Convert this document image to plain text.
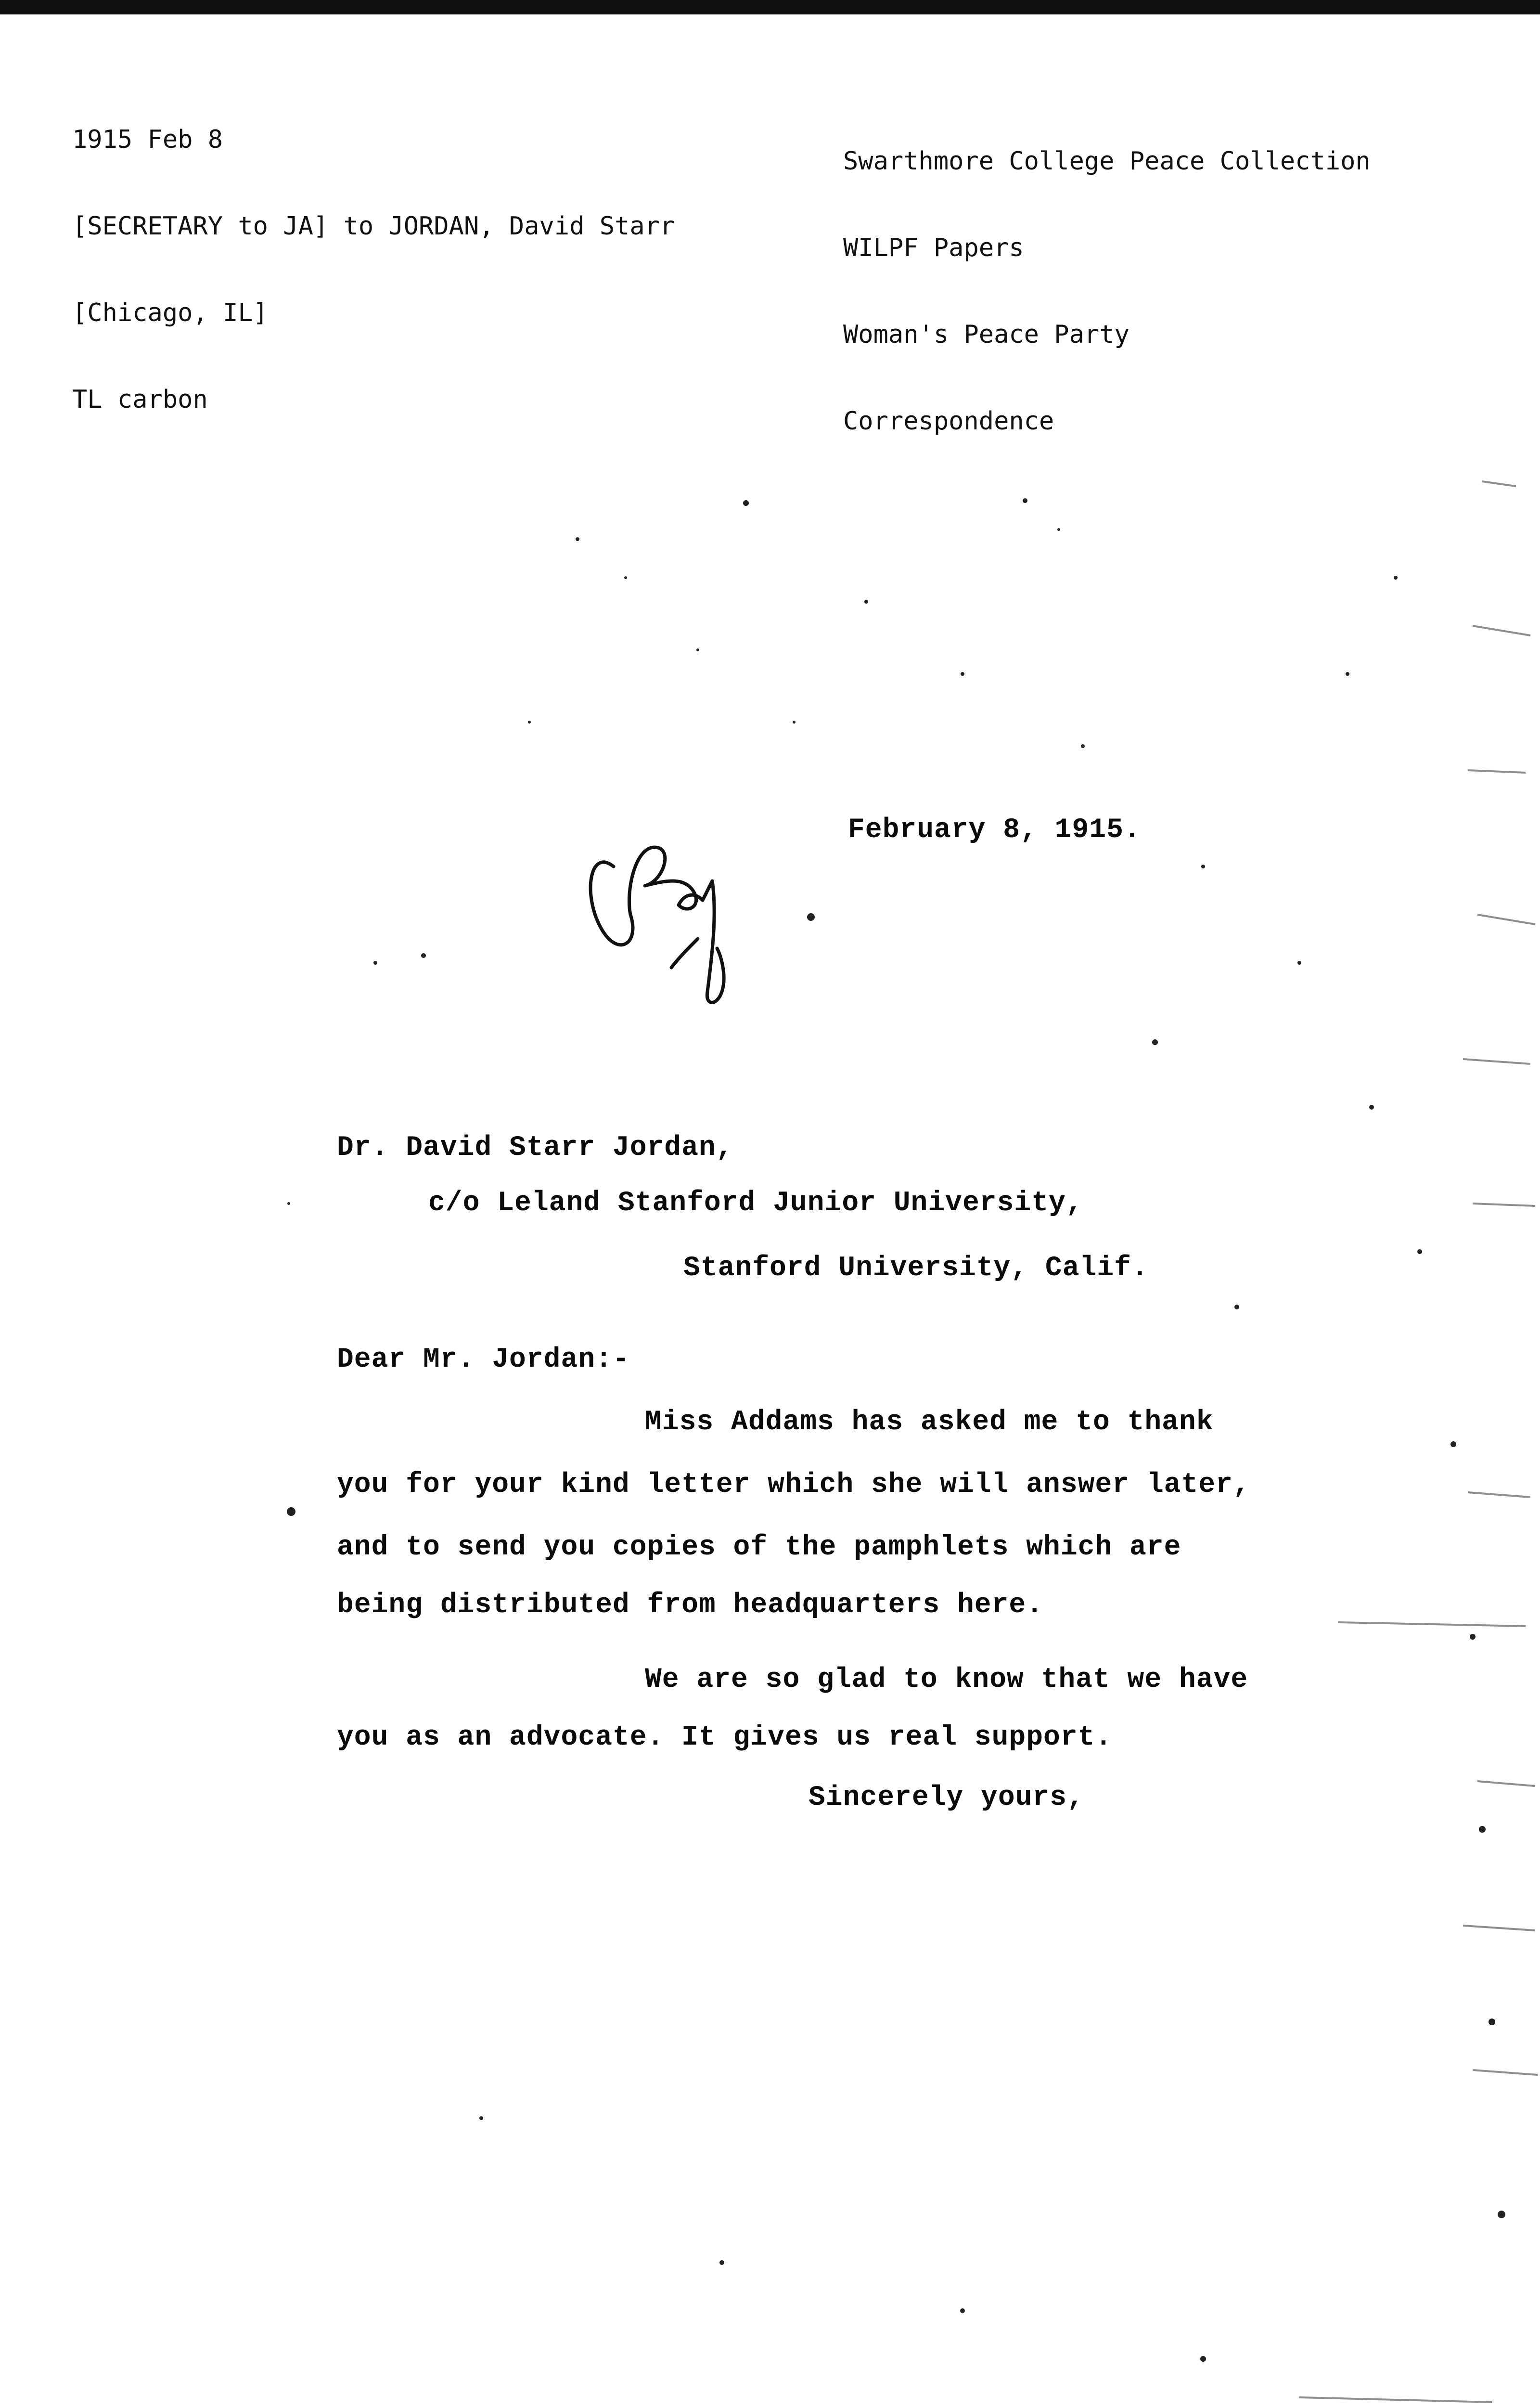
1915 Feb 8

[SECRETARY to JA] to JORDAN, David Starr

[Chicago, IL]

TL carbon

Swarthmore College Peace Collection

WILPF Papers

Woman's Peace Party

Correspondence

February 8, 1915.
Dr. David Starr Jordan,
c/o Leland Stanford Junior University,
Stanford University, Calif.
Dear Mr. Jordan:-
Miss Addams has asked me to thank
you for your kind letter which she will answer later,
and to send you copies of the pamphlets which are
being distributed from headquarters here.
We are so glad to know that we have
you as an advocate. It gives us real support.
Sincerely yours,
